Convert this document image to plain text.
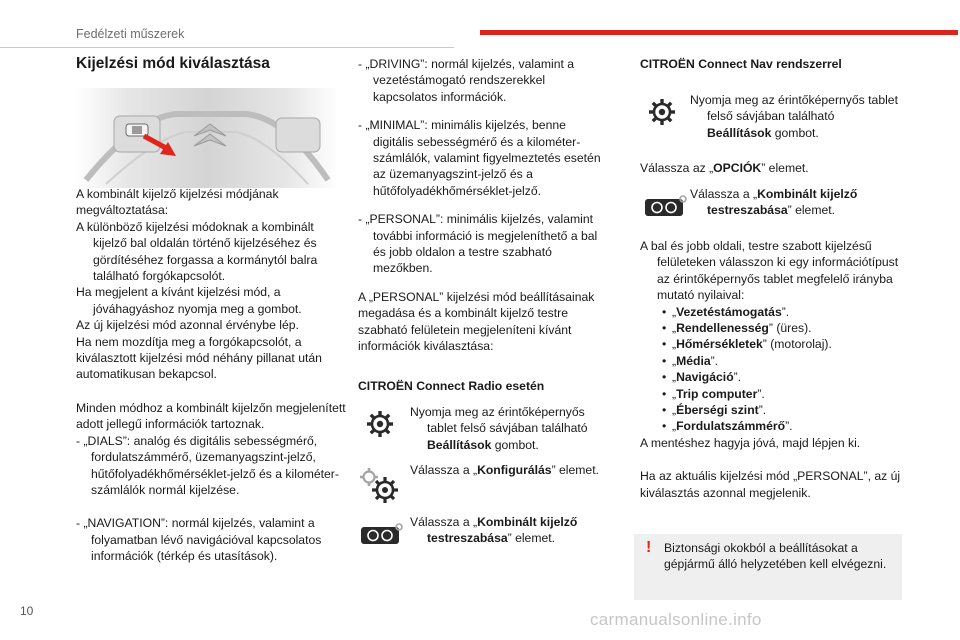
Fedélzeti műszerek
Kijelzési mód kiválasztása

A kombinált kijelző kijelzési módjának megváltoztatása:

A különböző kijelzési módoknak a kombinált kijelző bal oldalán történő kijelzéséhez és gördítéséhez forgassa a kormánytól balra található forgókapcsolót.

Ha megjelent a kívánt kijelzési mód, a jóváhagyáshoz nyomja meg a gombot.

Az új kijelzési mód azonnal érvénybe lép.

Ha nem mozdítja meg a forgókapcsolót, a kiválasztott kijelzési mód néhány pillanat után automatikusan bekapcsol.

Minden módhoz a kombinált kijelzőn megjelenített adott jellegű információk tartoznak.

- „DIALS”: analóg és digitális sebességmérő, fordulatszámmérő, üzemanyagszint-jelző, hűtőfolyadékhőmérséklet-jelző és a kilométer-számlálók normál kijelzése.

- „NAVIGATION”: normál kijelzés, valamint a folyamatban lévő navigációval kapcsolatos információk (térkép és utasítások).

- „DRIVING”: normál kijelzés, valamint a vezetéstámogató rendszerekkel kapcsolatos információk.

- „MINIMAL”: minimális kijelzés, benne digitális sebességmérő és a kilométer-számlálók, valamint figyelmeztetés esetén az üzemanyagszint-jelző és a hűtőfolyadékhőmérséklet-jelző.

- „PERSONAL”: minimális kijelzés, valamint további információ is megjeleníthető a bal és jobb oldalon a testre szabható mezőkben.

A „PERSONAL” kijelzési mód beállításainak megadása és a kombinált kijelző testre szabható felületein megjeleníteni kívánt információk kiválasztása:

CITROËN Connect Radio esetén

Nyomja meg az érintőképernyős tablet felső sávjában található Beállítások gombot.

Válassza a „Konfigurálás” elemet.

Válassza a „Kombinált kijelző testreszabása” elemet.

CITROËN Connect Nav rendszerrel

Nyomja meg az érintőképernyős tablet felső sávjában található Beállítások gombot.

Válassza az „OPCIÓK” elemet.

Válassza a „Kombinált kijelző testreszabása” elemet.

A bal és jobb oldali, testre szabott kijelzésű felületeken válasszon ki egy információtípust az érintőképernyős tablet megfelelő irányba mutató nyilaival:

• „Vezetéstámogatás”.
• „Rendellenesség” (üres).
• „Hőmérsékletek” (motorolaj).
• „Média”.
• „Navigáció”.
• „Trip computer”.
• „Éberségi szint”.
• „Fordulatszámmérő”.

A mentéshez hagyja jóvá, majd lépjen ki.

Ha az aktuális kijelzési mód „PERSONAL”, az új kiválasztás azonnal megjelenik.

! Biztonsági okokból a beállításokat a gépjármű álló helyzetében kell elvégezni.
10	carmanualsonline.info
